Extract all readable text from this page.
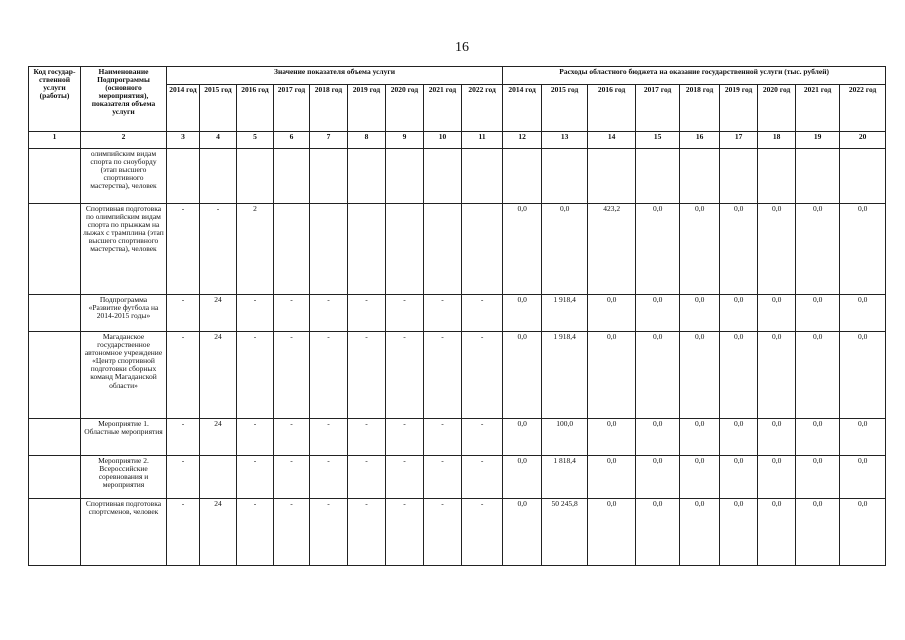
16
Код государ-ственной услуги (работы)	Наименование Подпрограммы (основного мероприятия), показателя объема услуги	Значение показателя объема услуги									Расходы областного бюджета на оказание государственной услуги (тыс. рублей)								
		2014 год	2015 год	2016 год	2017 год	2018 год	2019 год	2020 год	2021 год	2022 год	2014 год	2015 год	2016 год	2017 год	2018 год	2019 год	2020 год	2021 год	2022 год
1	2	3	4	5	6	7	8	9	10	11	12	13	14	15	16	17	18	19	20
	олимпийским видам спорта по сноуборду (этап высшего спортивного мастерства), человек																		
	Спортивная подготовка по олимпийским видам спорта по прыжкам на лыжах с трамплина (этап высшего спортивного мастерства), человек	-	-	2							0,0	0,0	423,2	0,0	0,0	0,0	0,0	0,0	0,0
	Подпрограмма «Развитие футбола на 2014-2015 годы»	-	24	-	-	-	-	-	-	-	0,0	1 918,4	0,0	0,0	0,0	0,0	0,0	0,0	0,0
	Магаданское государственное автономное учреждение «Центр спортивной подготовки сборных команд Магаданской области»	-	24	-	-	-	-	-	-	-	0,0	1 918,4	0,0	0,0	0,0	0,0	0,0	0,0	0,0
	Мероприятие 1. Областные мероприятия	-	24	-	-	-	-	-	-	-	0,0	100,0	0,0	0,0	0,0	0,0	0,0	0,0	0,0
	Мероприятие 2. Всероссийские соревнования и мероприятия	-		-	-	-	-	-	-	-	0,0	1 818,4	0,0	0,0	0,0	0,0	0,0	0,0	0,0
	Спортивная подготовка спортсменов, человек	-	24	-	-	-	-	-	-	-	0,0	50 245,8	0,0	0,0	0,0	0,0	0,0	0,0	0,0
